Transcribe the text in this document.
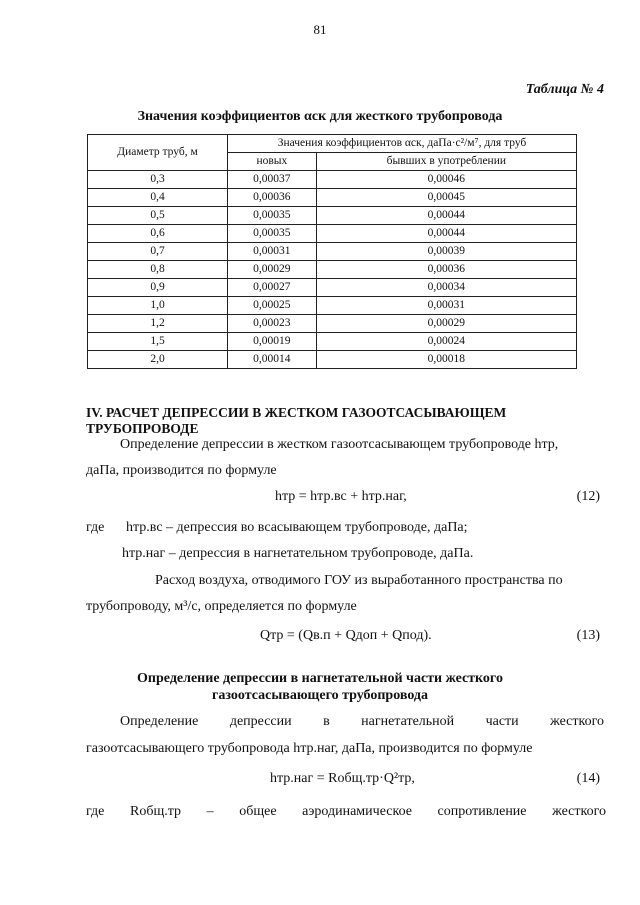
81
Таблица № 4
Значения коэффициентов αск для жесткого трубопровода
Диаметр труб, м	Значения коэффициентов αск, даПа·с²/м⁷, для труб	
	новых	бывших в употреблении
0,3	0,00037	0,00046
0,4	0,00036	0,00045
0,5	0,00035	0,00044
0,6	0,00035	0,00044
0,7	0,00031	0,00039
0,8	0,00029	0,00036
0,9	0,00027	0,00034
1,0	0,00025	0,00031
1,2	0,00023	0,00029
1,5	0,00019	0,00024
2,0	0,00014	0,00018
IV. РАСЧЕТ ДЕПРЕССИИ В ЖЕСТКОМ ГАЗООТСАСЫВАЮЩЕМ ТРУБОПРОВОДЕ
Определение депрессии в жестком газоотсасывающем трубопроводе hтр,
даПа, производится по формуле
hтр = hтр.вс + hтр.наг,	(12)
где hтр.вс – депрессия во всасывающем трубопроводе, даПа;
hтр.наг – депрессия в нагнетательном трубопроводе, даПа.
Расход воздуха, отводимого ГОУ из выработанного пространства по
трубопроводу, м³/с, определяется по формуле
Qтр = (Qв.п + Qдоп + Qпод).	(13)
Определение депрессии в нагнетательной части жесткого
газоотсасывающего трубопровода
Определение депрессии в нагнетательной части жесткого
газоотсасывающего трубопровода hтр.наг, даПа, производится по формуле
hтр.наг = Rобщ.тр·Q²тр,	(14)
где Rобщ.тр – общее аэродинамическое сопротивление жесткого
